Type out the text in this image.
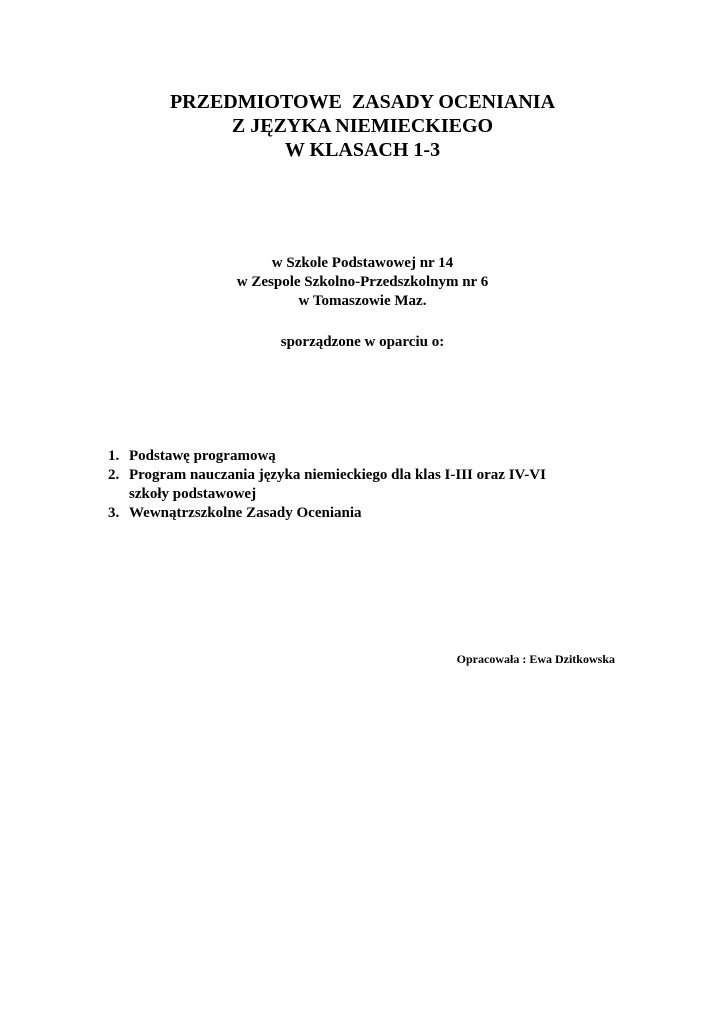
PRZEDMIOTOWE  ZASADY OCENIANIA
Z JĘZYKA NIEMIECKIEGO
W KLASACH 1-3
w Szkole Podstawowej nr 14
w Zespole Szkolno-Przedszkolnym nr 6
w Tomaszowie Maz.
sporządzone w oparciu o:
1. Podstawę programową
2. Program nauczania języka niemieckiego dla klas I-III oraz IV-VI
szkoły podstawowej
3. Wewnątrzszkolne Zasady Oceniania
Opracowała : Ewa Dzitkowska
